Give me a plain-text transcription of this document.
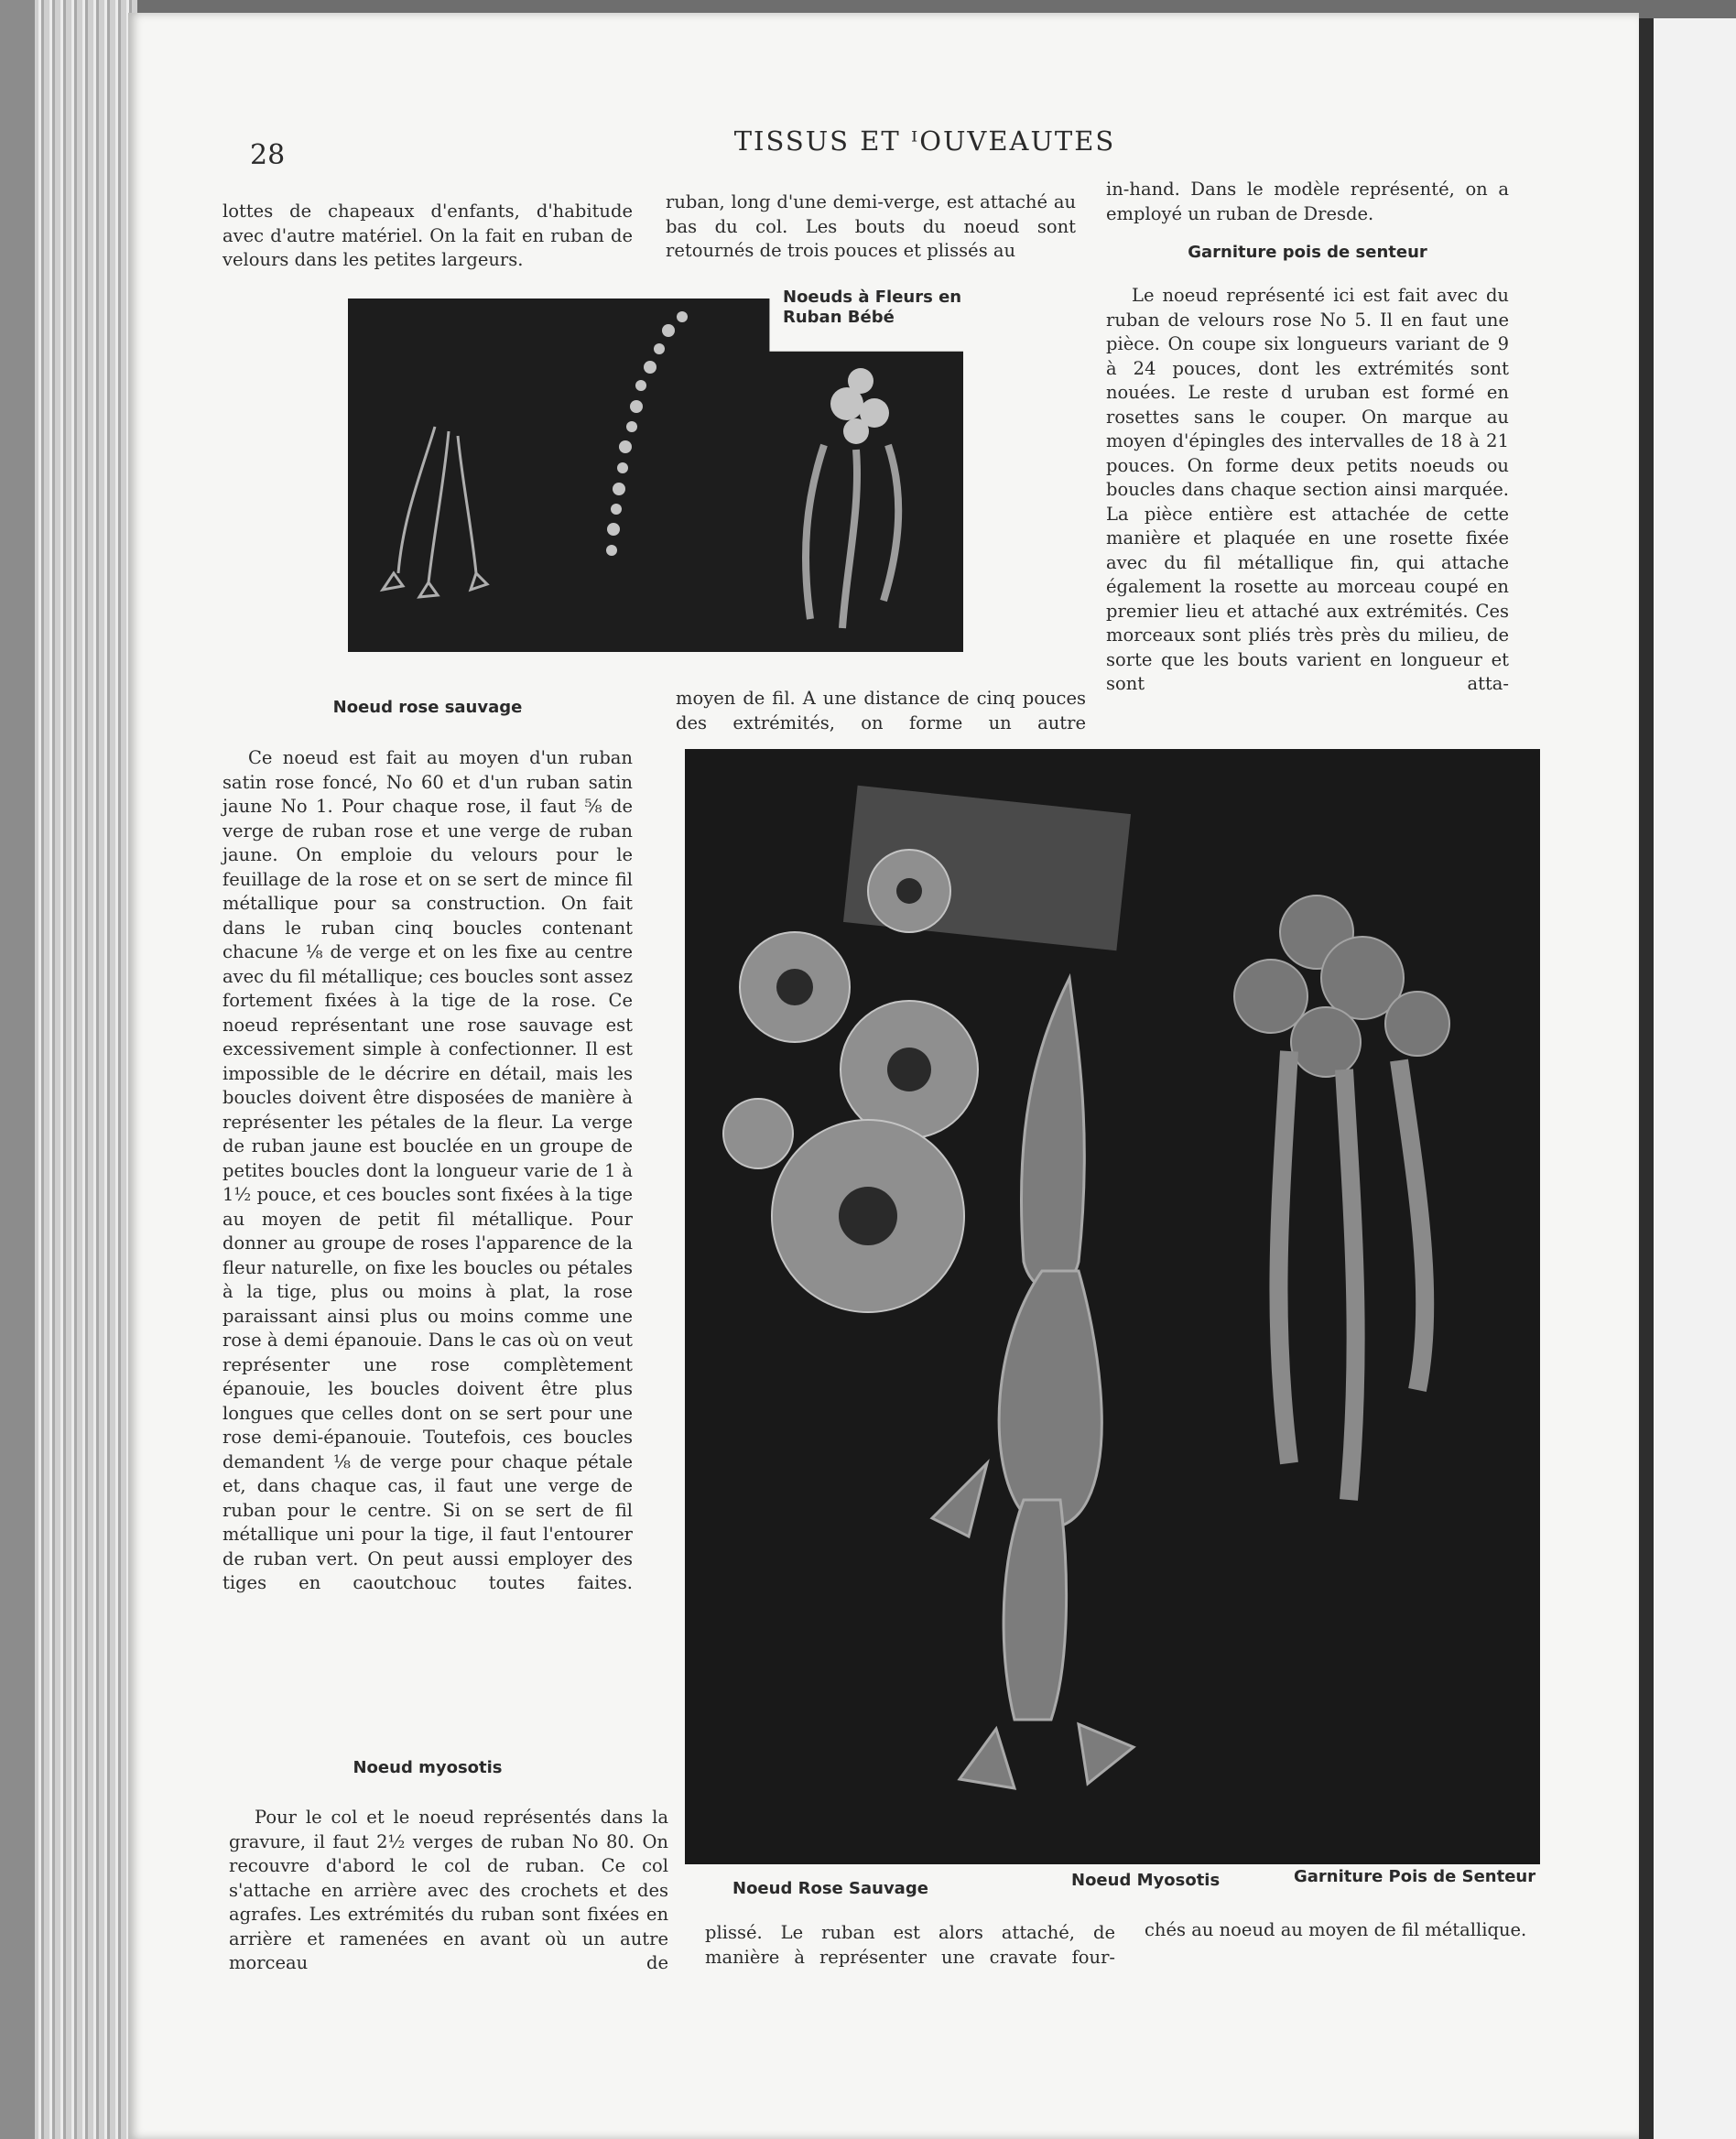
28	TISSUS ET ᴵOUVEAUTES

lottes de chapeaux d'enfants, d'habitude avec d'autre matériel. On la fait en ruban de velours dans les petites largeurs.

ruban, long d'une demi-verge, est attaché au bas du col. Les bouts du noeud sont retournés de trois pouces et plissés au

in-hand. Dans le modèle représenté, on a employé un ruban de Dresde.

Garniture pois de senteur

Le noeud représenté ici est fait avec du ruban de velours rose No 5. Il en faut une pièce. On coupe six longueurs variant de 9 à 24 pouces, dont les extrémités sont nouées. Le reste d uruban est formé en rosettes sans le couper. On marque au moyen d'épingles des intervalles de 18 à 21 pouces. On forme deux petits noeuds ou boucles dans chaque section ainsi marquée. La pièce entière est attachée de cette manière et plaquée en une rosette fixée avec du fil métallique fin, qui attache également la rosette au morceau coupé en premier lieu et attaché aux extrémités. Ces morceaux sont pliés très près du milieu, de sorte que les bouts varient en longueur et sont atta-

Noeuds à Fleurs en Ruban Bébé
Noeud rose sauvage

Ce noeud est fait au moyen d'un ruban satin rose foncé, No 60 et d'un ruban satin jaune No 1. Pour chaque rose, il faut ⅝ de verge de ruban rose et une verge de ruban jaune. On emploie du velours pour le feuillage de la rose et on se sert de mince fil métallique pour sa construction. On fait dans le ruban cinq boucles contenant chacune ⅛ de verge et on les fixe au centre avec du fil métallique; ces boucles sont assez fortement fixées à la tige de la rose. Ce noeud représentant une rose sauvage est excessivement simple à confectionner. Il est impossible de le décrire en détail, mais les boucles doivent être disposées de manière à représenter les pétales de la fleur. La verge de ruban jaune est bouclée en un groupe de petites boucles dont la longueur varie de 1 à 1½ pouce, et ces boucles sont fixées à la tige au moyen de petit fil métallique. Pour donner au groupe de roses l'apparence de la fleur naturelle, on fixe les boucles ou pétales à la tige, plus ou moins à plat, la rose paraissant ainsi plus ou moins comme une rose à demi épanouie. Dans le cas où on veut représenter une rose complètement épanouie, les boucles doivent être plus longues que celles dont on se sert pour une rose demi-épanouie. Toutefois, ces boucles demandent ⅛ de verge pour chaque pétale et, dans chaque cas, il faut une verge de ruban pour le centre. Si on se sert de fil métallique uni pour la tige, il faut l'entourer de ruban vert. On peut aussi employer des tiges en caoutchouc toutes faites.

Noeud myosotis

Pour le col et le noeud représentés dans la gravure, il faut 2½ verges de ruban No 80. On recouvre d'abord le col de ruban. Ce col s'attache en arrière avec des crochets et des agrafes. Les extrémités du ruban sont fixées en arrière et ramenées en avant où un autre morceau de

moyen de fil. A une distance de cinq pouces des extrémités, on forme un autre

Noeud Rose Sauvage	Noeud Myosotis	Garniture Pois de Senteur

plissé. Le ruban est alors attaché, de manière à représenter une cravate four-

chés au noeud au moyen de fil métallique.
